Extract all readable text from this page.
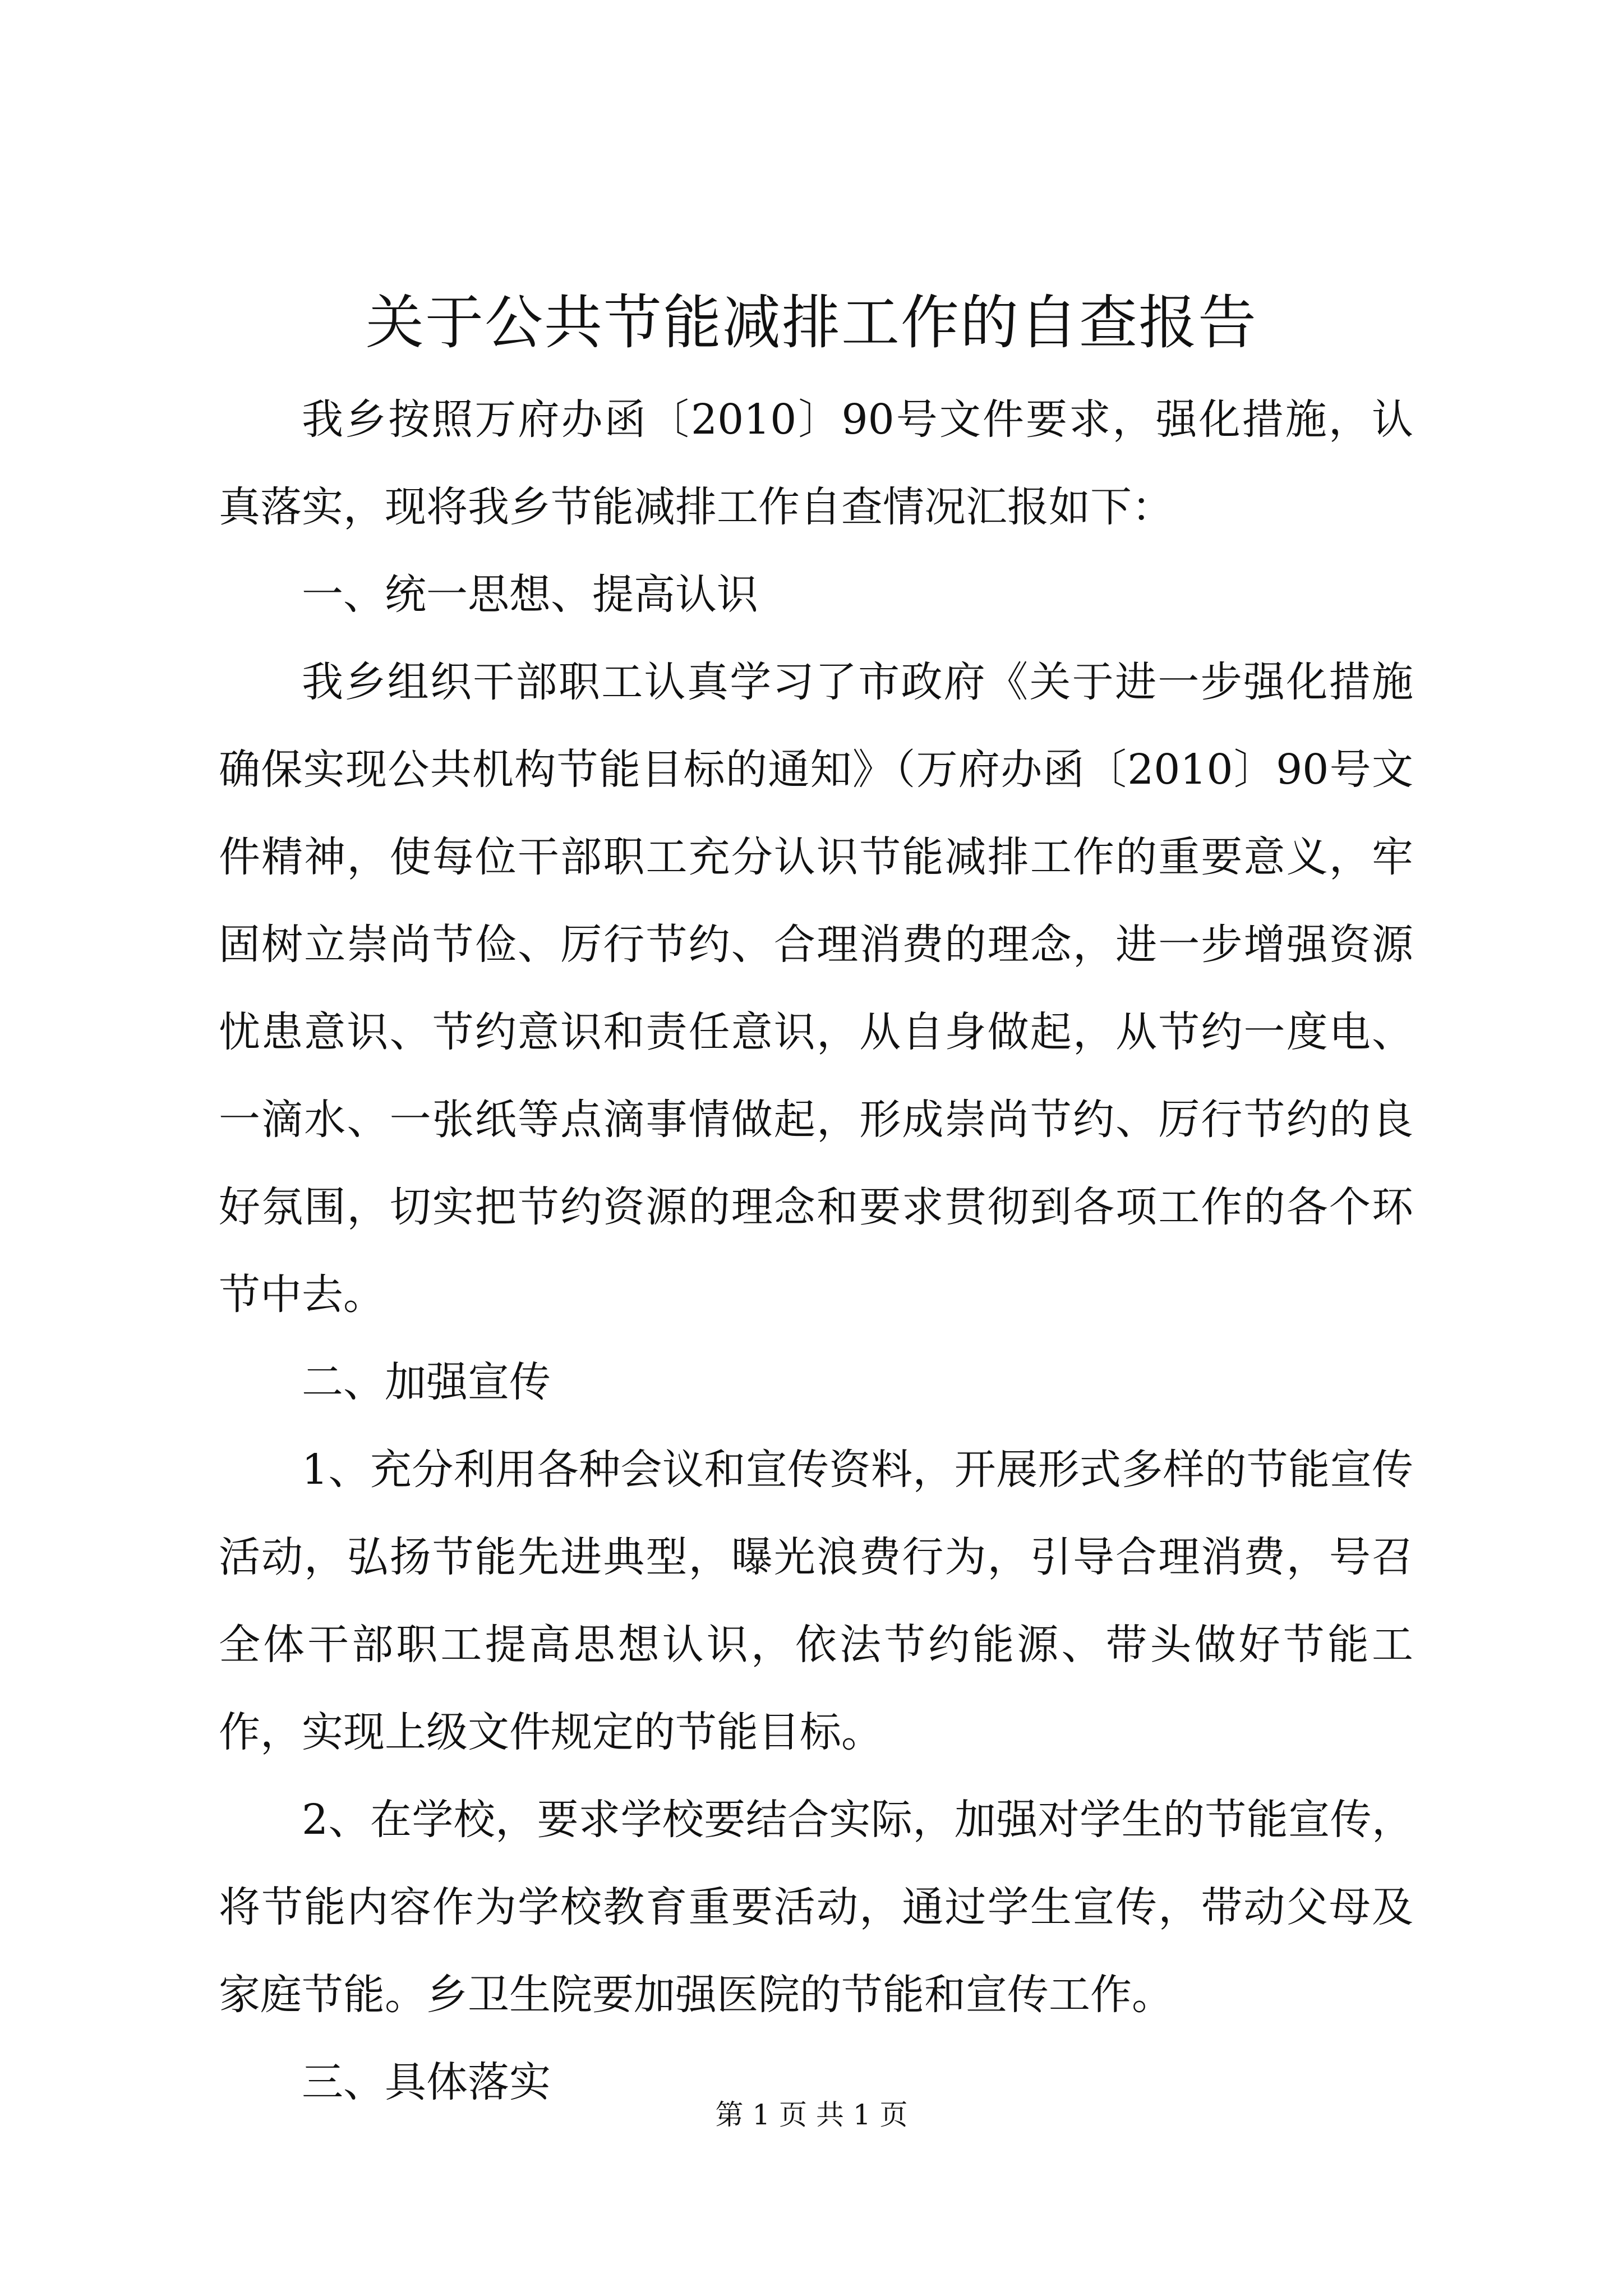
关于公共节能减排工作的自查报告

我乡按照万府办函〔2010〕90号文件要求，强化措施，认真落实，现将我乡节能减排工作自查情况汇报如下：

一、统一思想、提高认识

我乡组织干部职工认真学习了市政府《关于进一步强化措施确保实现公共机构节能目标的通知》（万府办函〔2010〕90号文件精神，使每位干部职工充分认识节能减排工作的重要意义，牢固树立崇尚节俭、厉行节约、合理消费的理念，进一步增强资源忧患意识、节约意识和责任意识，从自身做起，从节约一度电、一滴水、一张纸等点滴事情做起，形成崇尚节约、厉行节约的良好氛围，切实把节约资源的理念和要求贯彻到各项工作的各个环节中去。

二、加强宣传

1、充分利用各种会议和宣传资料，开展形式多样的节能宣传活动，弘扬节能先进典型，曝光浪费行为，引导合理消费，号召全体干部职工提高思想认识，依法节约能源、带头做好节能工作，实现上级文件规定的节能目标。

2、在学校，要求学校要结合实际，加强对学生的节能宣传，将节能内容作为学校教育重要活动，通过学生宣传，带动父母及家庭节能。乡卫生院要加强医院的节能和宣传工作。

三、具体落实

第 1 页 共 1 页
